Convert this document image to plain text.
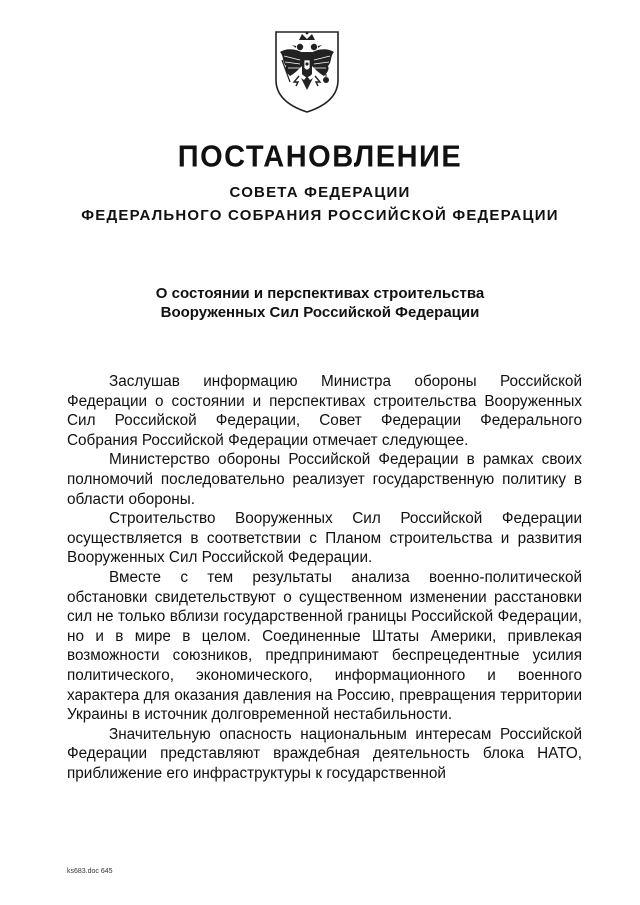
ПОСТАНОВЛЕНИЕ
СОВЕТА ФЕДЕРАЦИИ
ФЕДЕРАЛЬНОГО СОБРАНИЯ РОССИЙСКОЙ ФЕДЕРАЦИИ
О состоянии и перспективах строительства
Вооруженных Сил Российской Федерации

Заслушав информацию Министра обороны Российской Федерации о состоянии и перспективах строительства Вооруженных Сил Российской Федерации, Совет Федерации Федерального Собрания Российской Федерации отмечает следующее.

Министерство обороны Российской Федерации в рамках своих полномочий последовательно реализует государственную политику в области обороны.

Строительство Вооруженных Сил Российской Федерации осуществляется в соответствии с Планом строительства и развития Вооруженных Сил Российской Федерации.

Вместе с тем результаты анализа военно-политической обстановки свидетельствуют о существенном изменении расстановки сил не только вблизи государственной границы Российской Федерации, но и в мире в целом. Соединенные Штаты Америки, привлекая возможности союзников, предпринимают беспрецедентные усилия политического, экономического, информационного и военного характера для оказания давления на Россию, превращения территории Украины в источник долговременной нестабильности.

Значительную опасность национальным интересам Российской Федерации представляют враждебная деятельность блока НАТО, приближение его инфраструктуры к государственной

ks683.doc 645
